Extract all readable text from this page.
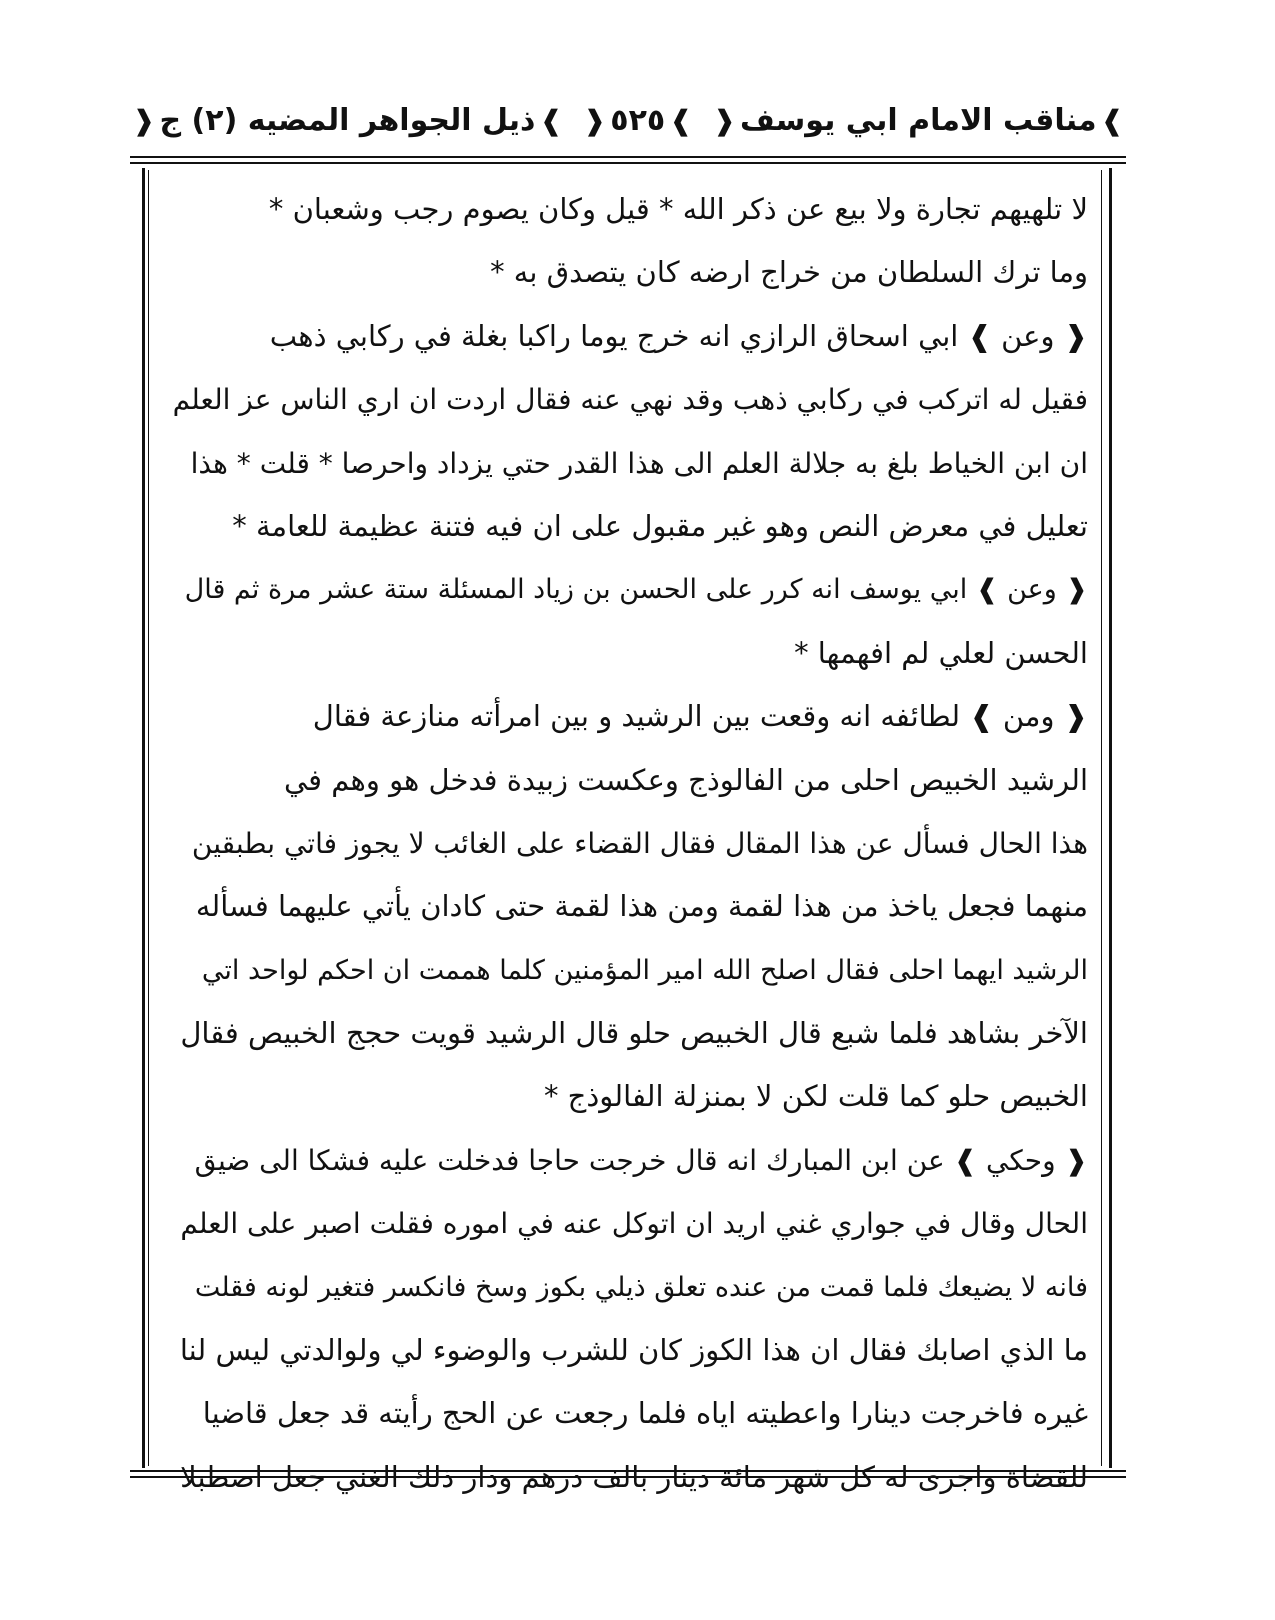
❱
مناقب الامام ابي يوسف
❰
❱
٥٢٥
❰
❱
ذيل الجواهر المضيه (٢) ج
❰
لا تلهيهم تجارة ولا بيع عن ذكر الله * قيل وكان يصوم رجب وشعبان *
وما ترك السلطان من خراج ارضه كان يتصدق به *
❰ وعن ❱ ابي اسحاق الرازي انه خرج يوما راكبا بغلة في ركابي ذهب
فقيل له اتركب في ركابي ذهب وقد نهي عنه فقال اردت ان اري الناس عز العلم
ان ابن الخياط بلغ به جلالة العلم الى هذا القدر حتي يزداد واحرصا * قلت * هذا
تعليل في معرض النص وهو غير مقبول على ان فيه فتنة عظيمة للعامة *
❰ وعن ❱ ابي يوسف انه كرر على الحسن بن زياد المسئلة ستة عشر مرة ثم قال
الحسن لعلي لم افهمها *
❰ ومن ❱ لطائفه انه وقعت بين الرشيد و بين امرأته منازعة فقال
الرشيد الخبيص احلى من الفالوذج وعكست زبيدة فدخل هو وهم في
هذا الحال فسأل عن هذا المقال فقال القضاء على الغائب لا يجوز فاتي بطبقين
منهما فجعل ياخذ من هذا لقمة ومن هذا لقمة حتى كادان يأتي عليهما فسأله
الرشيد ايهما احلى فقال اصلح الله امير المؤمنين كلما هممت ان احكم لواحد اتي
الآخر بشاهد فلما شبع قال الخبيص حلو قال الرشيد قويت حجج الخبيص فقال
الخبيص حلو كما قلت لكن لا بمنزلة الفالوذج *
❰ وحكي ❱ عن ابن المبارك انه قال خرجت حاجا فدخلت عليه فشكا الى ضيق
الحال وقال في جواري غني اريد ان اتوكل عنه في اموره فقلت اصبر على العلم
فانه لا يضيعك فلما قمت من عنده تعلق ذيلي بكوز وسخ فانكسر فتغير لونه فقلت
ما الذي اصابك فقال ان هذا الكوز كان للشرب والوضوء لي ولوالدتي ليس لنا
غيره فاخرجت دينارا واعطيته اياه فلما رجعت عن الحج رأيته قد جعل قاضيا
للقضاة واجرى له كل شهر مائة دينار بالف درهم ودار ذلك الغني جعل اصطبلا
